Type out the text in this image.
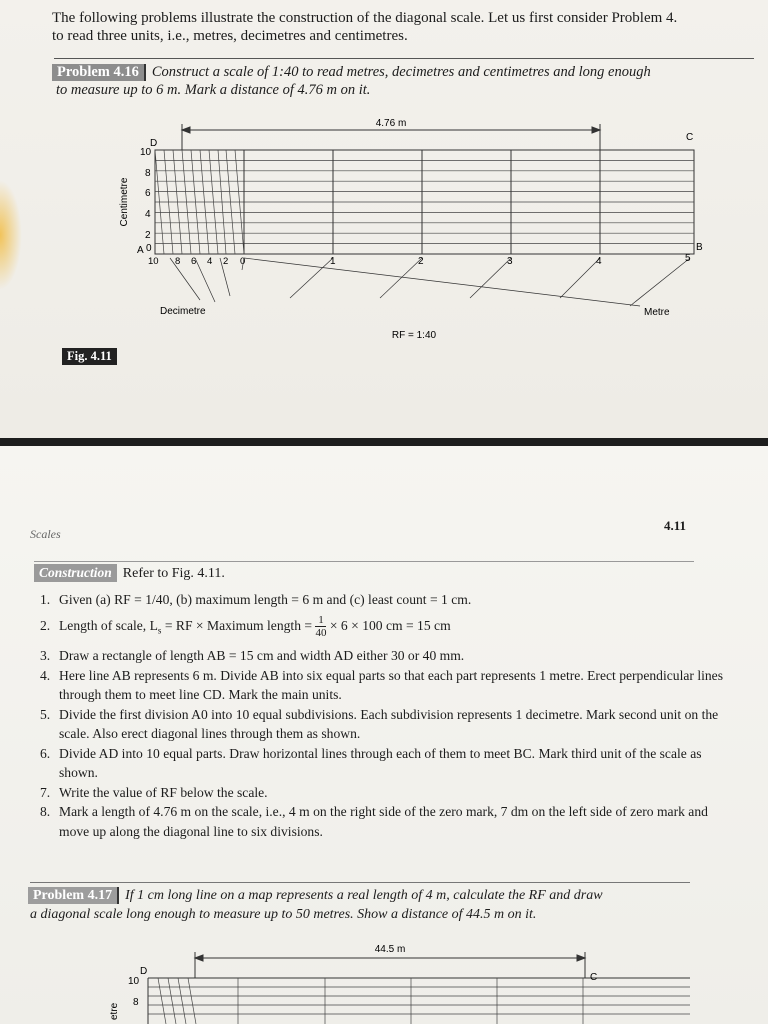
The following problems illustrate the construction of the diagonal scale. Let us first consider Problem 4.

to read three units, i.e., metres, decimetres and centimetres.

Problem 4.16 Construct a scale of 1:40 to read metres, decimetres and centimetres and long enough
to measure up to 6 m. Mark a distance of 4.76 m on it.
4.76 m
D
C
A	B
Centimetre
10
8
6
4
2
0
10 8 6 4 2 0	1	2	3	4	5
Decimetre	Metre
RF = 1:40
Fig. 4.11
Scales
4.11
Construction Refer to Fig. 4.11.
1. Given (a) RF = 1/40, (b) maximum length = 6 m and (c) least count = 1 cm.
2. Length of scale, $L_s$ = RF × Maximum length = $\frac{1}{40} \times 6 \times 100$ cm = 15 cm
3. Draw a rectangle of length AB = 15 cm and width AD either 30 or 40 mm.
4. Here line AB represents 6 m. Divide AB into six equal parts so that each part represents 1 metre. Erect perpendicular lines through them to meet line CD. Mark the main units.
5. Divide the first division A0 into 10 equal subdivisions. Each subdivision represents 1 decimetre. Mark second unit on the scale. Also erect diagonal lines through them as shown.
6. Divide AD into 10 equal parts. Draw horizontal lines through each of them to meet BC. Mark third unit of the scale as shown.
7. Write the value of RF below the scale.
8. Mark a length of 4.76 m on the scale, i.e., 4 m on the right side of the zero mark, 7 dm on the left side of zero mark and move up along the diagonal line to six divisions.
Problem 4.17 If 1 cm long line on a map represents a real length of 4 m, calculate the RF and draw
a diagonal scale long enough to measure up to 50 metres. Show a distance of 44.5 m on it.
44.5 m
D
C
10
8
etre
